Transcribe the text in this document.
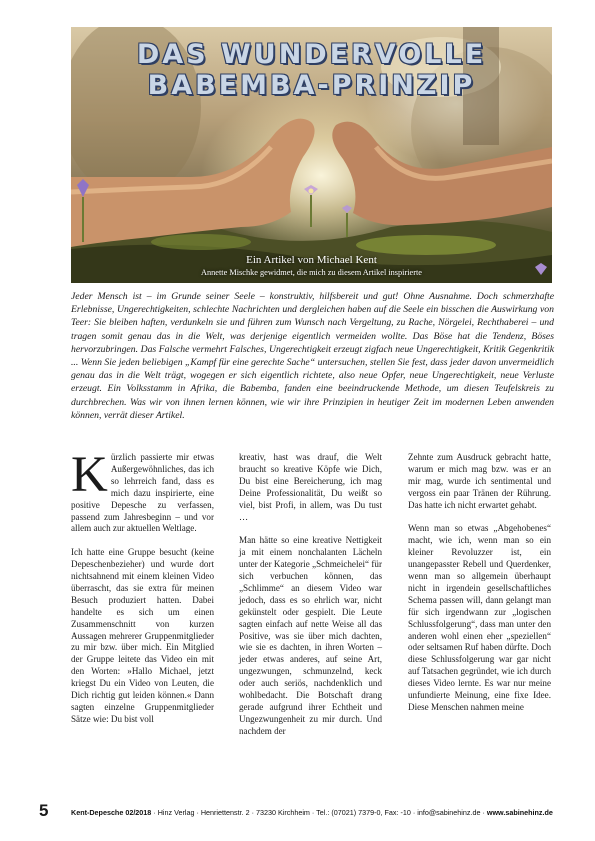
DAS WUNDERVOLLE
BABEMBA-PRINZIP
Ein Artikel von Michael Kent
Annette Mischke gewidmet, die mich zu diesem Artikel inspirierte
Jeder Mensch ist – im Grunde seiner Seele – konstruktiv, hilfsbereit und gut! Ohne Ausnahme. Doch schmerzhafte Erlebnisse, Ungerechtigkeiten, schlechte Nachrichten und dergleichen haben auf die Seele ein bisschen die Auswirkung von Teer: Sie bleiben haften, verdunkeln sie und führen zum Wunsch nach Vergeltung, zu Rache, Nörgelei, Rechthaberei – und tragen somit genau das in die Welt, was derjenige eigentlich vermeiden wollte. Das Böse hat die Tendenz, Böses hervorzubringen. Das Falsche vermehrt Falsches, Ungerechtigkeit erzeugt zigfach neue Ungerechtigkeit, Kritik Gegenkritik ... Wenn Sie jeden beliebigen „Kampf für eine gerechte Sache“ untersuchen, stellen Sie fest, dass jeder davon unvermeidlich genau das in die Welt trägt, wogegen er sich eigentlich richtete, also neue Opfer, neue Ungerechtigkeit, neue Verluste erzeugt. Ein Volksstamm in Afrika, die Babemba, fanden eine beeindruckende Methode, um diesen Teufelskreis zu durchbrechen. Was wir von ihnen lernen können, wie wir ihre Prinzipien in heutiger Zeit im modernen Leben anwenden können, verrät dieser Artikel.

Kürzlich passierte mir etwas Außergewöhnliches, das ich so lehrreich fand, dass es mich dazu inspirierte, eine positive Depesche zu verfassen, passend zum Jahresbeginn – und vor allem auch zur aktuellen Weltlage.

Ich hatte eine Gruppe besucht (keine Depeschenbezieher) und wurde dort nichtsahnend mit einem kleinen Video überrascht, das sie extra für meinen Besuch produziert hatten. Dabei handelte es sich um einen Zusammenschnitt von kurzen Aussagen mehrerer Gruppenmitglieder zu mir bzw. über mich. Ein Mitglied der Gruppe leitete das Video ein mit den Worten: »Hallo Michael, jetzt kriegst Du ein Video von Leuten, die Dich richtig gut leiden können.« Dann sagten einzelne Gruppenmitglieder Sätze wie: Du bist voll

kreativ, hast was drauf, die Welt braucht so kreative Köpfe wie Dich, Du bist eine Bereicherung, ich mag Deine Professionalität, Du weißt so viel, bist Profi, in allem, was Du tust …

Man hätte so eine kreative Nettigkeit ja mit einem nonchalanten Lächeln unter der Kategorie „Schmeichelei“ für sich verbuchen können, das „Schlimme“ an diesem Video war jedoch, dass es so ehrlich war, nicht gekünstelt oder gespielt. Die Leute sagten einfach auf nette Weise all das Positive, was sie über mich dachten, wie sie es dachten, in ihren Worten – jeder etwas anderes, auf seine Art, ungezwungen, schmunzelnd, keck oder auch seriös, nachdenklich und wohlbedacht. Die Botschaft drang gerade aufgrund ihrer Echtheit und Ungezwungenheit zu mir durch. Und nachdem der

Zehnte zum Ausdruck gebracht hatte, warum er mich mag bzw. was er an mir mag, wurde ich sentimental und vergoss ein paar Tränen der Rührung. Das hatte ich nicht erwartet gehabt.

Wenn man so etwas „Abgehobenes“ macht, wie ich, wenn man so ein kleiner Revoluzzer ist, ein unangepasster Rebell und Querdenker, wenn man so allgemein überhaupt nicht in irgendein gesellschaftliches Schema passen will, dann gelangt man für sich irgendwann zur „logischen Schlussfolgerung“, dass man unter den anderen wohl einen eher „speziellen“ oder seltsamen Ruf haben dürfte. Doch diese Schlussfolgerung war gar nicht auf Tatsachen gegründet, wie ich durch dieses Video lernte. Es war nur meine unfundierte Meinung, eine fixe Idee. Diese Menschen nahmen meine

5	Kent-Depesche 02/2018 · Hinz Verlag · Henriettenstr. 2 · 73230 Kirchheim · Tel.: (07021) 7379-0, Fax: -10 · info@sabinehinz.de · www.sabinehinz.de
